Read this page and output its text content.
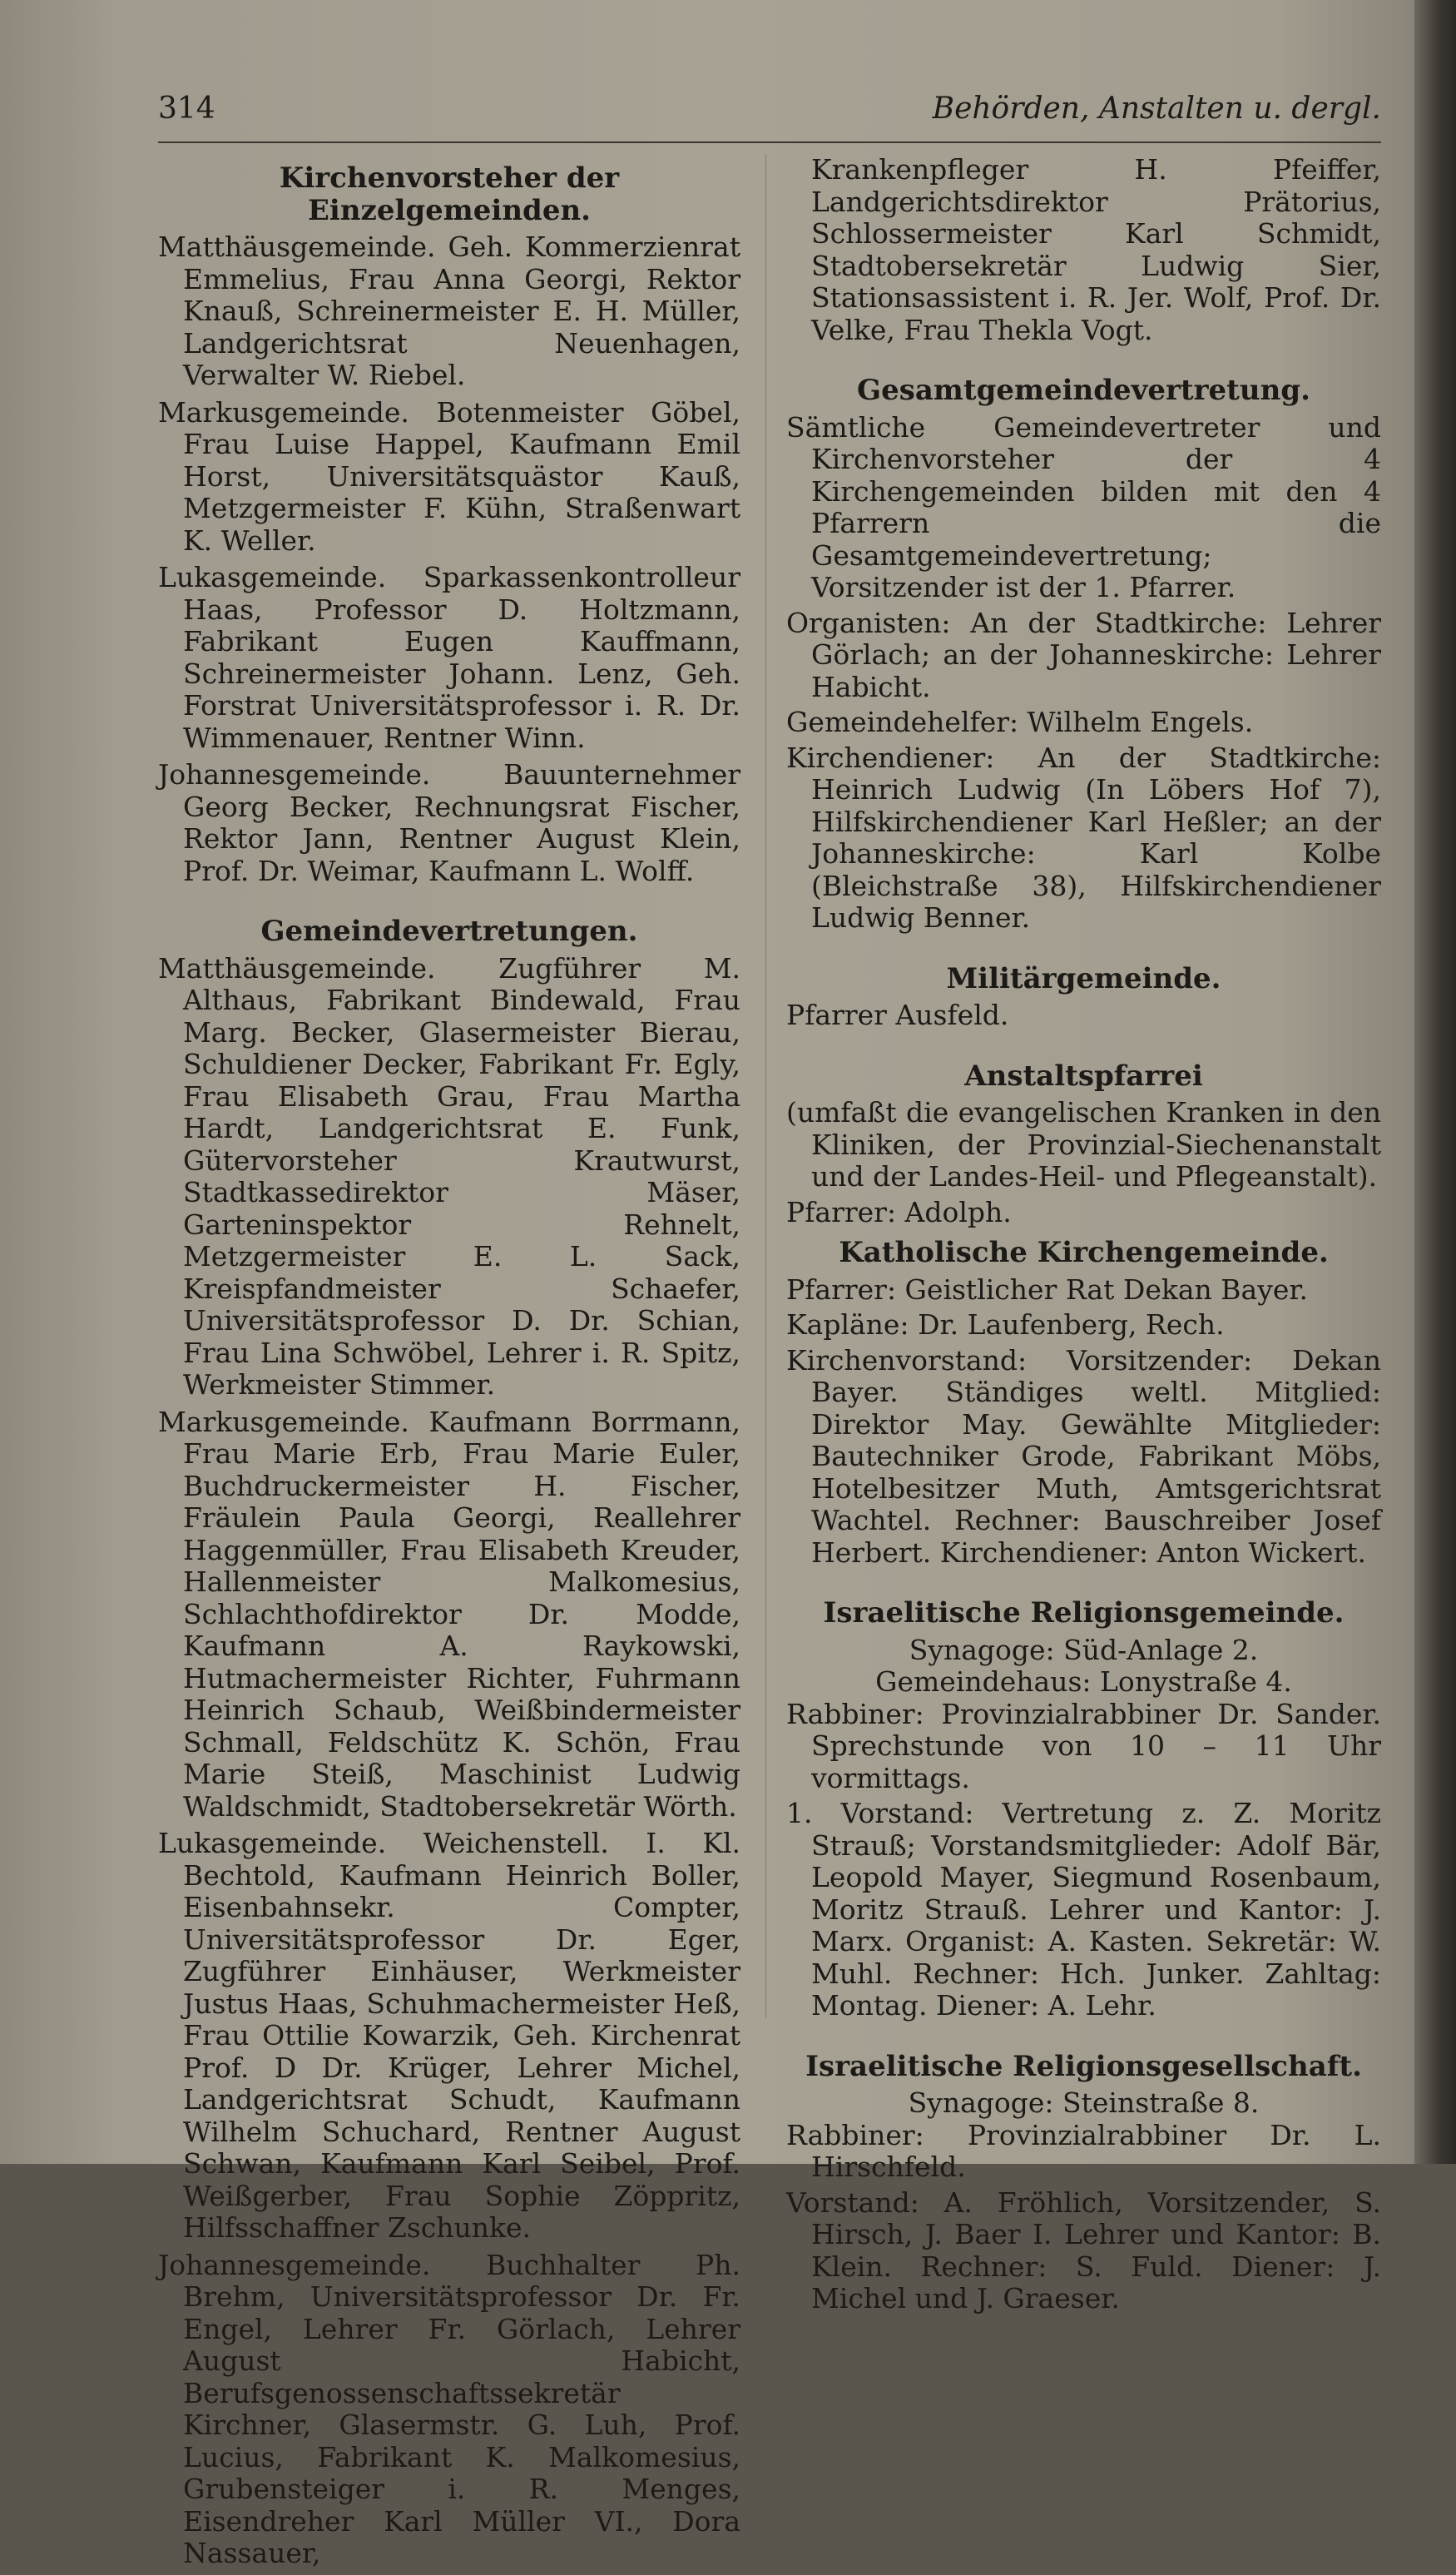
314	Behörden, Anstalten u. dergl.
Kirchenvorsteher der Einzelgemeinden.

Matthäusgemeinde. Geh. Kommerzienrat Emmelius, Frau Anna Georgi, Rektor Knauß, Schreinermeister E. H. Müller, Landgerichtsrat Neuenhagen, Verwalter W. Riebel.

Markusgemeinde. Botenmeister Göbel, Frau Luise Happel, Kaufmann Emil Horst, Universitätsquästor Kauß, Metzgermeister F. Kühn, Straßenwart K. Weller.

Lukasgemeinde. Sparkassenkontrolleur Haas, Professor D. Holtzmann, Fabrikant Eugen Kauffmann, Schreinermeister Johann. Lenz, Geh. Forstrat Universitätsprofessor i. R. Dr. Wimmenauer, Rentner Winn.

Johannesgemeinde. Bauunternehmer Georg Becker, Rechnungsrat Fischer, Rektor Jann, Rentner August Klein, Prof. Dr. Weimar, Kaufmann L. Wolff.

Gemeindevertretungen.

Matthäusgemeinde. Zugführer M. Althaus, Fabrikant Bindewald, Frau Marg. Becker, Glasermeister Bierau, Schuldiener Decker, Fabrikant Fr. Egly, Frau Elisabeth Grau, Frau Martha Hardt, Landgerichtsrat E. Funk, Gütervorsteher Krautwurst, Stadtkassedirektor Mäser, Garteninspektor Rehnelt, Metzgermeister E. L. Sack, Kreispfandmeister Schaefer, Universitätsprofessor D. Dr. Schian, Frau Lina Schwöbel, Lehrer i. R. Spitz, Werkmeister Stimmer.

Markusgemeinde. Kaufmann Borrmann, Frau Marie Erb, Frau Marie Euler, Buchdruckermeister H. Fischer, Fräulein Paula Georgi, Reallehrer Haggenmüller, Frau Elisabeth Kreuder, Hallenmeister Malkomesius, Schlachthofdirektor Dr. Modde, Kaufmann A. Raykowski, Hutmachermeister Richter, Fuhrmann Heinrich Schaub, Weißbindermeister Schmall, Feldschütz K. Schön, Frau Marie Steiß, Maschinist Ludwig Waldschmidt, Stadtobersekretär Wörth.

Lukasgemeinde. Weichenstell. I. Kl. Bechtold, Kaufmann Heinrich Boller, Eisenbahnsekr. Compter, Universitätsprofessor Dr. Eger, Zugführer Einhäuser, Werkmeister Justus Haas, Schuhmachermeister Heß, Frau Ottilie Kowarzik, Geh. Kirchenrat Prof. D Dr. Krüger, Lehrer Michel, Landgerichtsrat Schudt, Kaufmann Wilhelm Schuchard, Rentner August Schwan, Kaufmann Karl Seibel, Prof. Weißgerber, Frau Sophie Zöppritz, Hilfsschaffner Zschunke.

Johannesgemeinde. Buchhalter Ph. Brehm, Universitätsprofessor Dr. Fr. Engel, Lehrer Fr. Görlach, Lehrer August Habicht, Berufsgenossenschaftssekretär Kirchner, Glasermstr. G. Luh, Prof. Lucius, Fabrikant K. Malkomesius, Grubensteiger i. R. Menges, Eisendreher Karl Müller VI., Dora Nassauer,

Krankenpfleger H. Pfeiffer, Landgerichtsdirektor Prätorius, Schlossermeister Karl Schmidt, Stadtobersekretär Ludwig Sier, Stationsassistent i. R. Jer. Wolf, Prof. Dr. Velke, Frau Thekla Vogt.

Gesamtgemeindevertretung.

Sämtliche Gemeindevertreter und Kirchenvorsteher der 4 Kirchengemeinden bilden mit den 4 Pfarrern die Gesamtgemeindevertretung; Vorsitzender ist der 1. Pfarrer.

Organisten: An der Stadtkirche: Lehrer Görlach; an der Johanneskirche: Lehrer Habicht.

Gemeindehelfer: Wilhelm Engels.

Kirchendiener: An der Stadtkirche: Heinrich Ludwig (In Löbers Hof 7), Hilfskirchendiener Karl Heßler; an der Johanneskirche: Karl Kolbe (Bleichstraße 38), Hilfskirchendiener Ludwig Benner.

Militärgemeinde.

Pfarrer Ausfeld.

Anstaltspfarrei

(umfaßt die evangelischen Kranken in den Kliniken, der Provinzial-Siechenanstalt und der Landes-Heil- und Pflegeanstalt).

Pfarrer: Adolph.

Katholische Kirchengemeinde.

Pfarrer: Geistlicher Rat Dekan Bayer.

Kapläne: Dr. Laufenberg, Rech.

Kirchenvorstand: Vorsitzender: Dekan Bayer. Ständiges weltl. Mitglied: Direktor May. Gewählte Mitglieder: Bautechniker Grode, Fabrikant Möbs, Hotelbesitzer Muth, Amtsgerichtsrat Wachtel. Rechner: Bauschreiber Josef Herbert. Kirchendiener: Anton Wickert.

Israelitische Religionsgemeinde.

Synagoge: Süd-Anlage 2.

Gemeindehaus: Lonystraße 4.

Rabbiner: Provinzialrabbiner Dr. Sander. Sprechstunde von 10 – 11 Uhr vormittags.

1. Vorstand: Vertretung z. Z. Moritz Strauß; Vorstandsmitglieder: Adolf Bär, Leopold Mayer, Siegmund Rosenbaum, Moritz Strauß. Lehrer und Kantor: J. Marx. Organist: A. Kasten. Sekretär: W. Muhl. Rechner: Hch. Junker. Zahltag: Montag. Diener: A. Lehr.

Israelitische Religionsgesellschaft.

Synagoge: Steinstraße 8.

Rabbiner: Provinzialrabbiner Dr. L. Hirschfeld.

Vorstand: A. Fröhlich, Vorsitzender, S. Hirsch, J. Baer I. Lehrer und Kantor: B. Klein. Rechner: S. Fuld. Diener: J. Michel und J. Graeser.
